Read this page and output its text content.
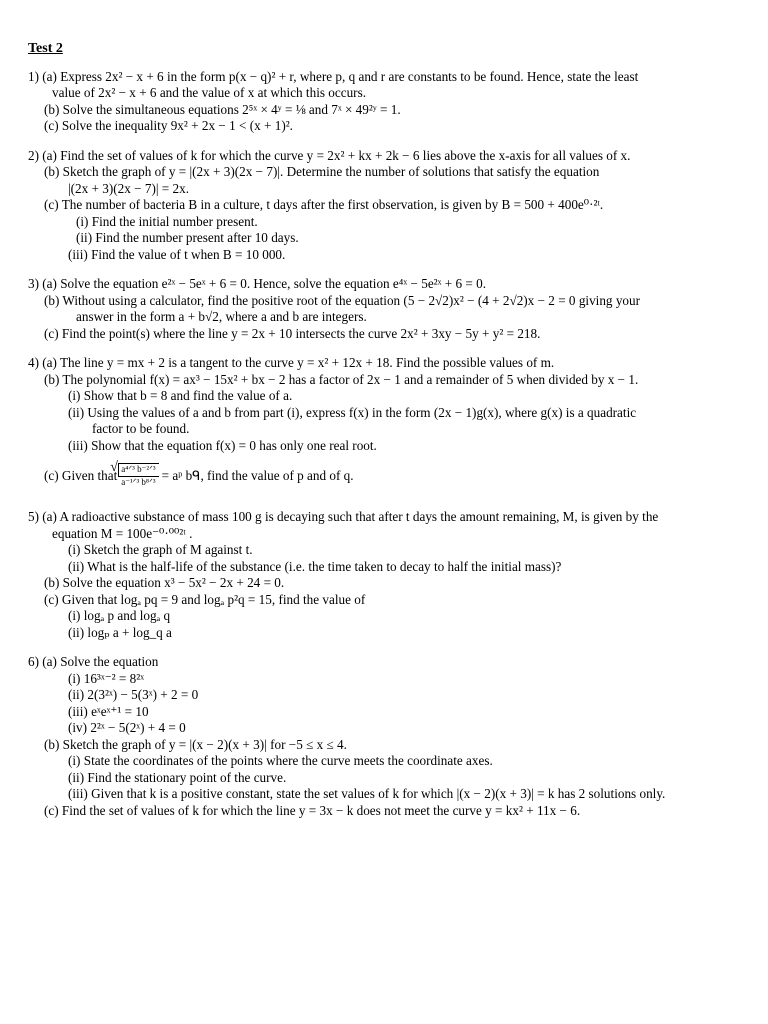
Test 2
1) (a) Express 2x² − x + 6 in the form p(x − q)² + r, where p, q and r are constants to be found. Hence, state the least
value of 2x² − x + 6 and the value of x at which this occurs.
(b) Solve the simultaneous equations 2⁵ˣ × 4ʸ = ⅛ and 7ˣ × 49²ʸ = 1.
(c) Solve the inequality 9x² + 2x − 1 < (x + 1)².
2) (a) Find the set of values of k for which the curve y = 2x² + kx + 2k − 6 lies above the x-axis for all values of x.
(b) Sketch the graph of y = |(2x + 3)(2x − 7)|. Determine the number of solutions that satisfy the equation
|(2x + 3)(2x − 7)| = 2x.
(c) The number of bacteria B in a culture, t days after the first observation, is given by B = 500 + 400e⁰·²ᵗ.
(i) Find the initial number present.
(ii) Find the number present after 10 days.
(iii) Find the value of t when B = 10 000.
3) (a) Solve the equation e²ˣ − 5eˣ + 6 = 0. Hence, solve the equation e⁴ˣ − 5e²ˣ + 6 = 0.
(b) Without using a calculator, find the positive root of the equation (5 − 2√2)x² − (4 + 2√2)x − 2 = 0 giving your
answer in the form a + b√2, where a and b are integers.
(c) Find the point(s) where the line y = 2x + 10 intersects the curve 2x² + 3xy − 5y + y² = 218.
4) (a) The line y = mx + 2 is a tangent to the curve y = x² + 12x + 18. Find the possible values of m.
(b) The polynomial f(x) = ax³ − 15x² + bx − 2 has a factor of 2x − 1 and a remainder of 5 when divided by x − 1.
(i) Show that b = 8 and find the value of a.
(ii) Using the values of a and b from part (i), express f(x) in the form (2x − 1)g(x), where g(x) is a quadratic
factor to be found.
(iii) Show that the equation f(x) = 0 has only one real root.
(c) Given that
√ $\frac{\text{a⁴ᐟ³ b⁻²ᐟ³}}{\text{a⁻¹ᐟ³ b⁸ᐟ³}}$ = aᵖ bᑫ, find the value of p and of q.
5) (a) A radioactive substance of mass 100 g is decaying such that after t days the amount remaining, M, is given by the
equation M = 100e⁻⁰·⁰⁰²ᵗ .
(i) Sketch the graph of M against t.
(ii) What is the half-life of the substance (i.e. the time taken to decay to half the initial mass)?
(b) Solve the equation x³ − 5x² − 2x + 24 = 0.
(c) Given that logₐ pq = 9 and logₐ p²q = 15, find the value of
(i) logₐ p and logₐ q
(ii) logₚ a + log_q a
6) (a) Solve the equation
(i) 16³ˣ⁻² = 8²ˣ
(ii) 2(3²ˣ) − 5(3ˣ) + 2 = 0
(iii) eˣeˣ⁺¹ = 10
(iv) 2²ˣ − 5(2ˣ) + 4 = 0
(b) Sketch the graph of y = |(x − 2)(x + 3)| for −5 ≤ x ≤ 4.
(i) State the coordinates of the points where the curve meets the coordinate axes.
(ii) Find the stationary point of the curve.
(iii) Given that k is a positive constant, state the set values of k for which |(x − 2)(x + 3)| = k has 2 solutions only.
(c) Find the set of values of k for which the line y = 3x − k does not meet the curve y = kx² + 11x − 6.
